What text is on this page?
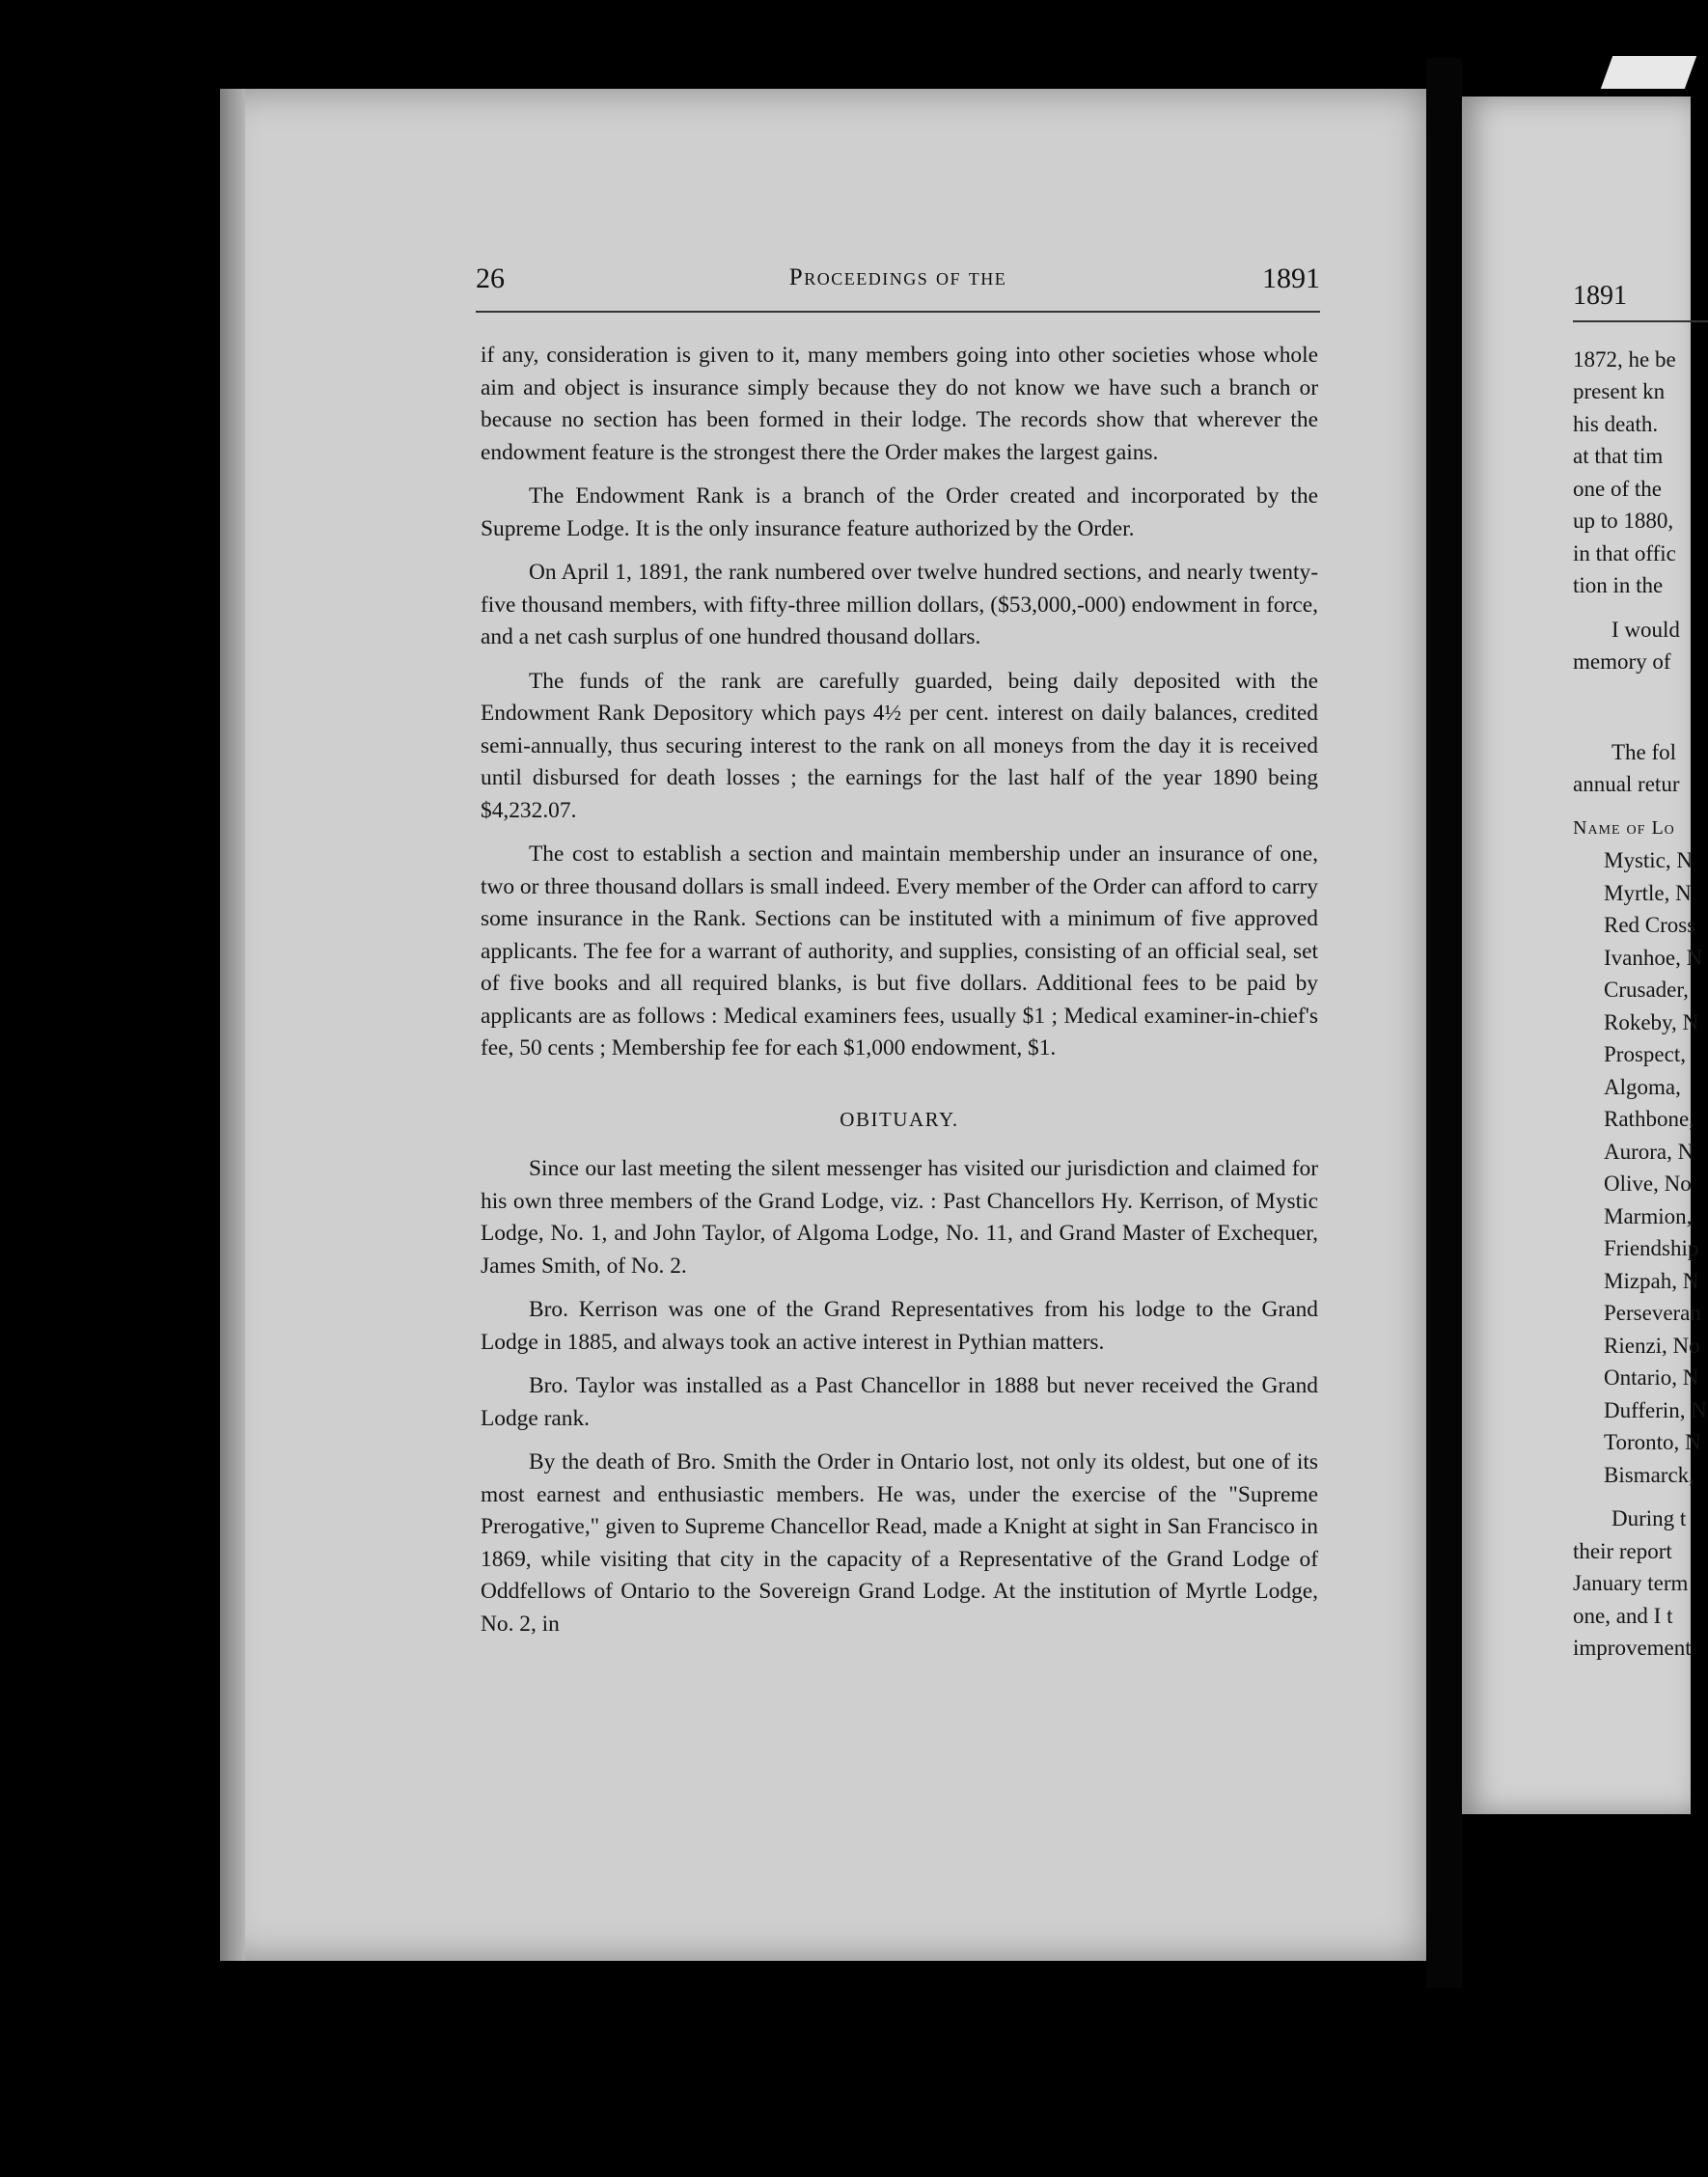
26	Proceedings of the	1891

if any, consideration is given to it, many members going into other societies whose whole aim and object is insurance simply because they do not know we have such a branch or because no section has been formed in their lodge. The records show that wherever the endowment feature is the strongest there the Order makes the largest gains.

The Endowment Rank is a branch of the Order created and incorporated by the Supreme Lodge. It is the only insurance feature authorized by the Order.

On April 1, 1891, the rank numbered over twelve hundred sections, and nearly twenty-five thousand members, with fifty-three million dollars, ($53,000,-000) endowment in force, and a net cash surplus of one hundred thousand dollars.

The funds of the rank are carefully guarded, being daily deposited with the Endowment Rank Depository which pays 4½ per cent. interest on daily balances, credited semi-annually, thus securing interest to the rank on all moneys from the day it is received until disbursed for death losses ; the earnings for the last half of the year 1890 being $4,232.07.

The cost to establish a section and maintain membership under an insurance of one, two or three thousand dollars is small indeed. Every member of the Order can afford to carry some insurance in the Rank. Sections can be instituted with a minimum of five approved applicants. The fee for a warrant of authority, and supplies, consisting of an official seal, set of five books and all required blanks, is but five dollars. Additional fees to be paid by applicants are as follows : Medical examiners fees, usually $1 ; Medical examiner-in-chief's fee, 50 cents ; Membership fee for each $1,000 endowment, $1.

OBITUARY.

Since our last meeting the silent messenger has visited our jurisdiction and claimed for his own three members of the Grand Lodge, viz. : Past Chancellors Hy. Kerrison, of Mystic Lodge, No. 1, and John Taylor, of Algoma Lodge, No. 11, and Grand Master of Exchequer, James Smith, of No. 2.

Bro. Kerrison was one of the Grand Representatives from his lodge to the Grand Lodge in 1885, and always took an active interest in Pythian matters.

Bro. Taylor was installed as a Past Chancellor in 1888 but never received the Grand Lodge rank.

By the death of Bro. Smith the Order in Ontario lost, not only its oldest, but one of its most earnest and enthusiastic members. He was, under the exercise of the "Supreme Prerogative," given to Supreme Chancellor Read, made a Knight at sight in San Francisco in 1869, while visiting that city in the capacity of a Representative of the Grand Lodge of Oddfellows of Ontario to the Sovereign Grand Lodge. At the institution of Myrtle Lodge, No. 2, in

1891
1872, he be
present kn
his death.
at that tim
one of the
up to 1880,
in that offic
tion in the
I would
memory of
The fol
annual retur
Name of Lo
Mystic, N
Myrtle, N
Red Cross
Ivanhoe, N
Crusader,
Rokeby, N
Prospect,
Algoma,
Rathbone,
Aurora, N
Olive, No
Marmion,
Friendship
Mizpah, N
Perseveran
Rienzi, No
Ontario, N
Dufferin, N
Toronto, N
Bismarck,
During t
their report
January term
one, and I t
improvement
